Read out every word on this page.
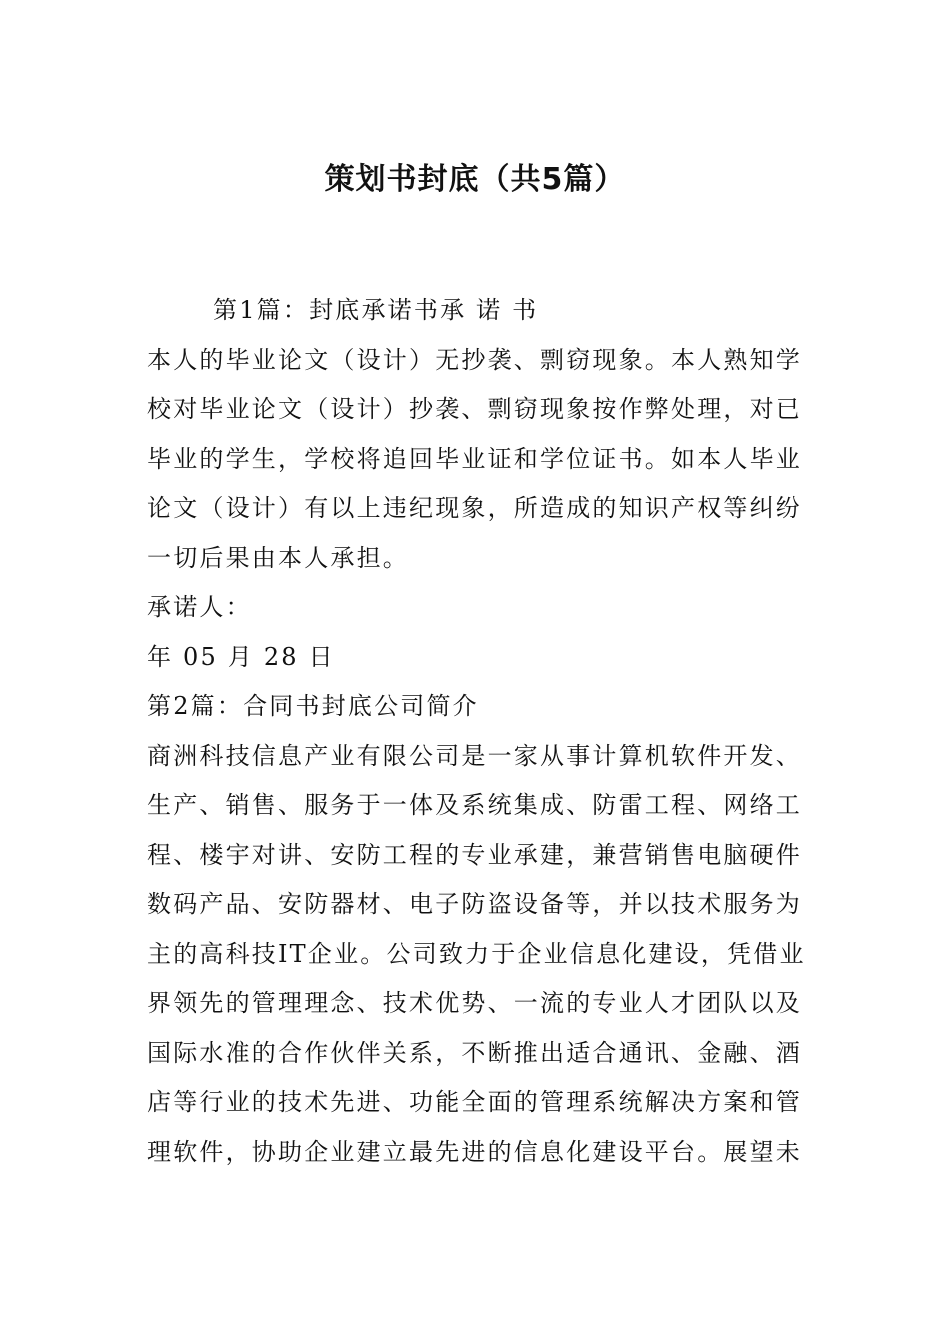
策划书封底（共5篇）
第1篇：封底承诺书承 诺 书
本人的毕业论文（设计）无抄袭、剽窃现象。本人熟知学
校对毕业论文（设计）抄袭、剽窃现象按作弊处理，对已
毕业的学生，学校将追回毕业证和学位证书。如本人毕业
论文（设计）有以上违纪现象，所造成的知识产权等纠纷
一切后果由本人承担。
承诺人：
年 05 月 28 日
第2篇：合同书封底公司简介
商洲科技信息产业有限公司是一家从事计算机软件开发、
生产、销售、服务于一体及系统集成、防雷工程、网络工
程、楼宇对讲、安防工程的专业承建，兼营销售电脑硬件
数码产品、安防器材、电子防盗设备等，并以技术服务为
主的高科技IT企业。公司致力于企业信息化建设，凭借业
界领先的管理理念、技术优势、一流的专业人才团队以及
国际水准的合作伙伴关系，不断推出适合通讯、金融、酒
店等行业的技术先进、功能全面的管理系统解决方案和管
理软件，协助企业建立最先进的信息化建设平台。展望未
